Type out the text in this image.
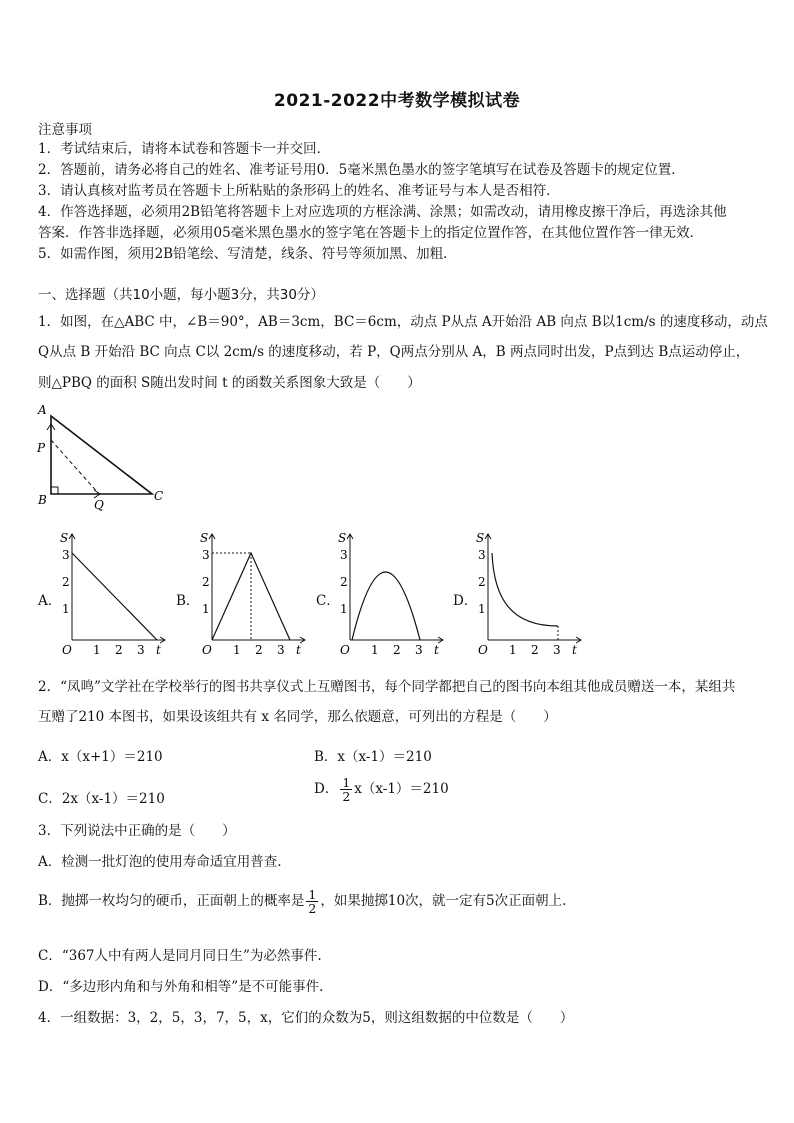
2021-2022中考数学模拟试卷
注意事项
1．考试结束后，请将本试卷和答题卡一并交回．
2．答题前，请务必将自己的姓名、准考证号用0．5毫米黑色墨水的签字笔填写在试卷及答题卡的规定位置．
3．请认真核对监考员在答题卡上所粘贴的条形码上的姓名、准考证号与本人是否相符．
4．作答选择题，必须用2B铅笔将答题卡上对应选项的方框涂满、涂黑；如需改动，请用橡皮擦干净后，再选涂其他
答案．作答非选择题，必须用05毫米黑色墨水的签字笔在答题卡上的指定位置作答，在其他位置作答一律无效．
5．如需作图，须用2B铅笔绘、写清楚，线条、符号等须加黑、加粗．
一、选择题（共10小题，每小题3分，共30分）
1．如图，在△ABC 中，∠B＝90°，AB＝3cm，BC＝6cm，动点 P从点 A开始沿 AB 向点 B以1cm/s 的速度移动，动点
Q从点 B 开始沿 BC 向点 C以 2cm/s 的速度移动，若 P，Q两点分别从 A，B 两点同时出发，P点到达 B点运动停止，
则△PBQ 的面积 S随出发时间 t 的函数关系图象大致是（　　）
A
P
B	Q
C
A．	B．	C．	D．
S
t
O
1
2
3
1 2 3
S
t
O
1
2
3
1 2 3
S
t
O
1
2
3
1 2 3
S
t
O
1
2
3
1 2 3
2．“凤鸣”文学社在学校举行的图书共享仪式上互赠图书，每个同学都把自己的图书向本组其他成员赠送一本，某组共
互赠了210 本图书，如果设该组共有 x 名同学，那么依题意，可列出的方程是（　　）
A．x（x+1）＝210	B．x（x-1）＝210
C．2x（x-1）＝210
D． $\frac{1}{2} x(x-1)=210$
3．下列说法中正确的是（　　）
A．检测一批灯泡的使用寿命适宜用普查.
B．抛掷一枚均匀的硬币，正面朝上的概率是 $\frac{1}{2}$ ，如果抛掷10次，就一定有5次正面朝上.
C．“367人中有两人是同月同日生”为必然事件.
D．“多边形内角和与外角和相等”是不可能事件.
4．一组数据：3，2，5，3，7，5，x，它们的众数为5，则这组数据的中位数是（　　）
